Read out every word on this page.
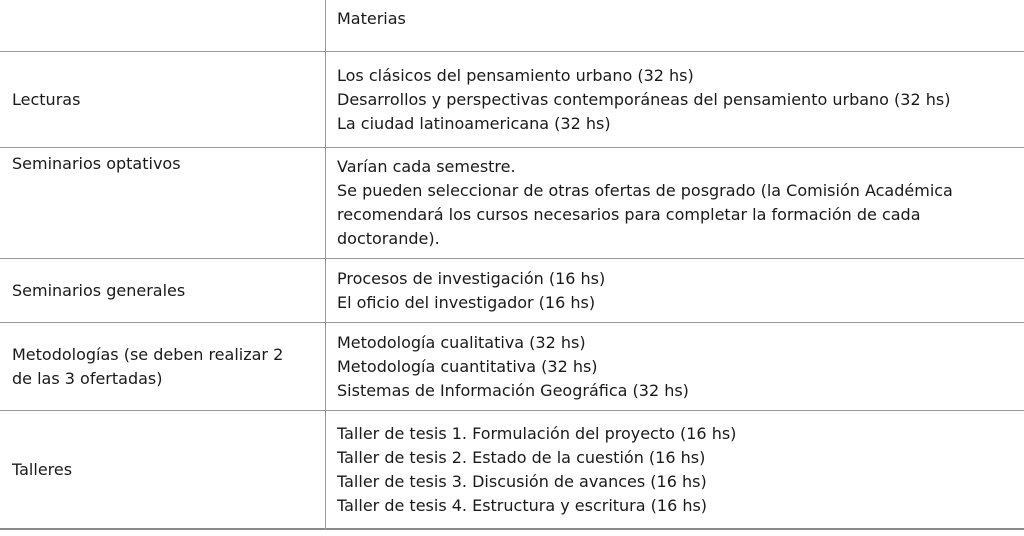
Materias
Lecturas
Los clásicos del pensamiento urbano (32 hs)
Desarrollos y perspectivas contemporáneas del pensamiento urbano (32 hs)
La ciudad latinoamericana (32 hs)
Seminarios optativos	Varían cada semestre.
Se pueden seleccionar de otras ofertas de posgrado (la Comisión Académica
recomendará los cursos necesarios para completar la formación de cada
doctorande).
Seminarios generales
Procesos de investigación (16 hs)
El oficio del investigador (16 hs)
Metodologías (se deben realizar 2
de las 3 ofertadas)
Metodología cualitativa (32 hs)
Metodología cuantitativa (32 hs)
Sistemas de Información Geográfica (32 hs)
Talleres
Taller de tesis 1. Formulación del proyecto (16 hs)
Taller de tesis 2. Estado de la cuestión (16 hs)
Taller de tesis 3. Discusión de avances (16 hs)
Taller de tesis 4. Estructura y escritura (16 hs)
